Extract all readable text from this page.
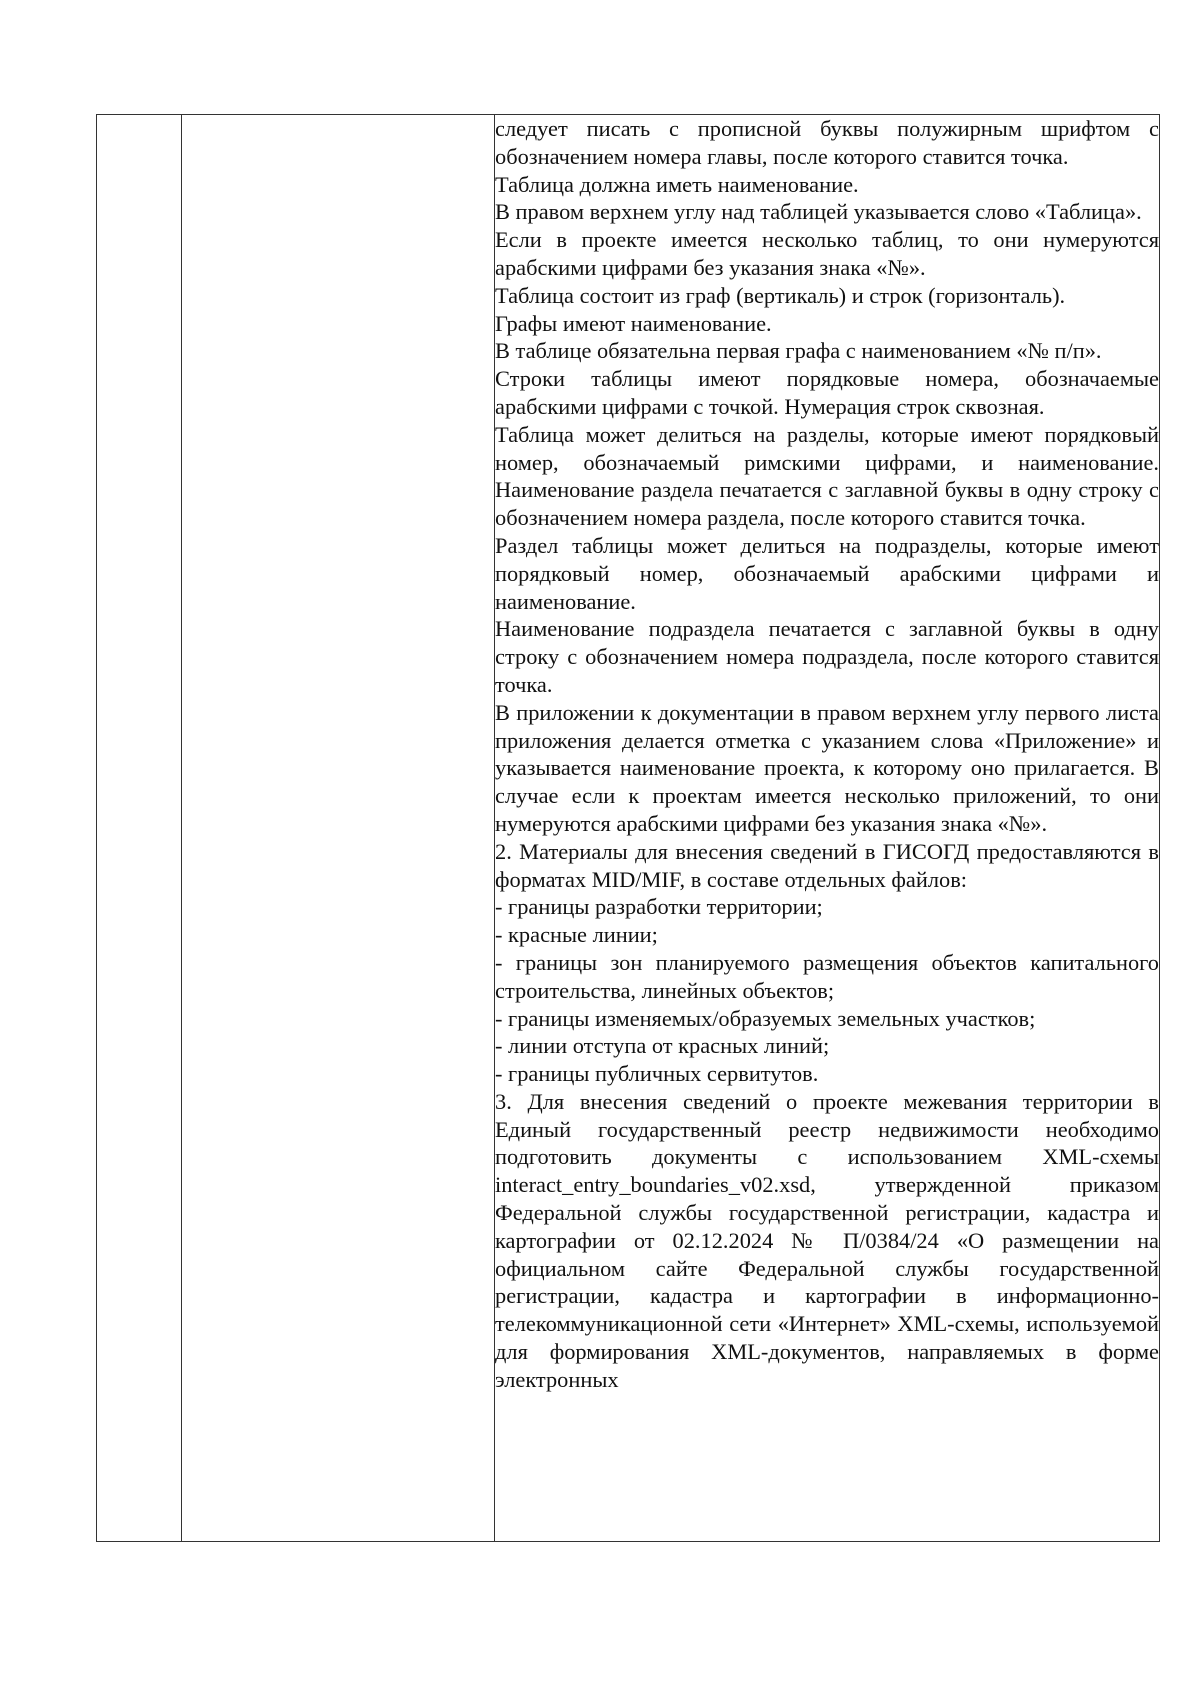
следует писать с прописной буквы полужирным шрифтом с обозначением номера главы, после которого ставится точка.

Таблица должна иметь наименование.

В правом верхнем углу над таблицей указывается слово «Таблица».

Если в проекте имеется несколько таблиц, то они нумеруются арабскими цифрами без указания знака «№».

Таблица состоит из граф (вертикаль) и строк (горизонталь).

Графы имеют наименование.

В таблице обязательна первая графа с наименованием «№ п/п».

Строки таблицы имеют порядковые номера, обозначаемые арабскими цифрами с точкой. Нумерация строк сквозная.

Таблица может делиться на разделы, которые имеют порядковый номер, обозначаемый римскими цифрами, и наименование. Наименование раздела печатается с заглавной буквы в одну строку с обозначением номера раздела, после которого ставится точка.

Раздел таблицы может делиться на подразделы, которые имеют порядковый номер, обозначаемый арабскими цифрами и наименование.

Наименование подраздела печатается с заглавной буквы в одну строку с обозначением номера подраздела, после которого ставится точка.

В приложении к документации в правом верхнем углу первого листа приложения делается отметка с указанием слова «Приложение» и указывается наименование проекта, к которому оно прилагается. В случае если к проектам имеется несколько приложений, то они нумеруются арабскими цифрами без указания знака «№».

2. Материалы для внесения сведений в ГИСОГД предоставляются в форматах MID/MIF, в составе отдельных файлов:

- границы разработки территории;

- красные линии;

- границы зон планируемого размещения объектов капитального строительства, линейных объектов;

- границы изменяемых/образуемых земельных участков;

- линии отступа от красных линий;

- границы публичных сервитутов.

3. Для внесения сведений о проекте межевания территории в Единый государственный реестр недвижимости необходимо подготовить документы с использованием XML-схемы interact_entry_boundaries_v02.xsd, утвержденной приказом Федеральной службы государственной регистрации, кадастра и картографии от 02.12.2024 № П/0384/24 «О размещении на официальном сайте Федеральной службы государственной регистрации, кадастра и картографии в информационно-телекоммуникационной сети «Интернет» XML-схемы, используемой для формирования XML-документов, направляемых в форме электронных
